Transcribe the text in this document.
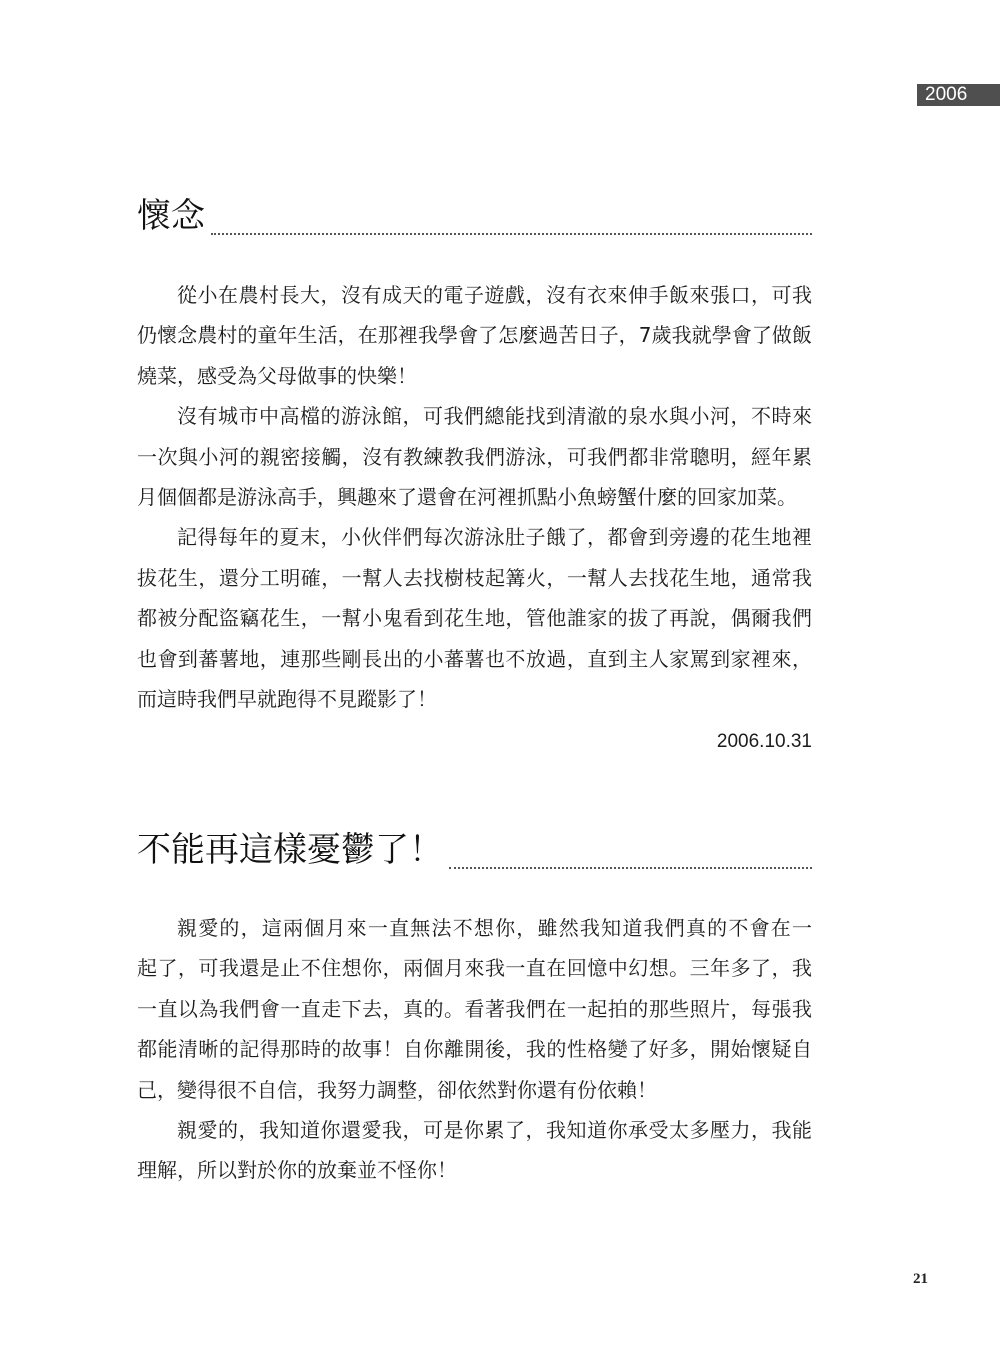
2006
懷念
從小在農村長大，沒有成天的電子遊戲，沒有衣來伸手飯來張口，可我
仍懷念農村的童年生活，在那裡我學會了怎麼過苦日子，7歲我就學會了做飯
燒菜，感受為父母做事的快樂！
沒有城市中高檔的游泳館，可我們總能找到清澈的泉水與小河，不時來
一次與小河的親密接觸，沒有教練教我們游泳，可我們都非常聰明，經年累
月個個都是游泳高手，興趣來了還會在河裡抓點小魚螃蟹什麼的回家加菜。
記得每年的夏末，小伙伴們每次游泳肚子餓了，都會到旁邊的花生地裡
拔花生，還分工明確，一幫人去找樹枝起篝火，一幫人去找花生地，通常我
都被分配盜竊花生，一幫小鬼看到花生地，管他誰家的拔了再說，偶爾我們
也會到蕃薯地，連那些剛長出的小蕃薯也不放過，直到主人家罵到家裡來，
而這時我們早就跑得不見蹤影了！
2006.10.31
不能再這樣憂鬱了！
親愛的，這兩個月來一直無法不想你，雖然我知道我們真的不會在一
起了，可我還是止不住想你，兩個月來我一直在回憶中幻想。三年多了，我
一直以為我們會一直走下去，真的。看著我們在一起拍的那些照片，每張我
都能清晰的記得那時的故事！自你離開後，我的性格變了好多，開始懷疑自
己，變得很不自信，我努力調整，卻依然對你還有份依賴！
親愛的，我知道你還愛我，可是你累了，我知道你承受太多壓力，我能
理解，所以對於你的放棄並不怪你！
21
